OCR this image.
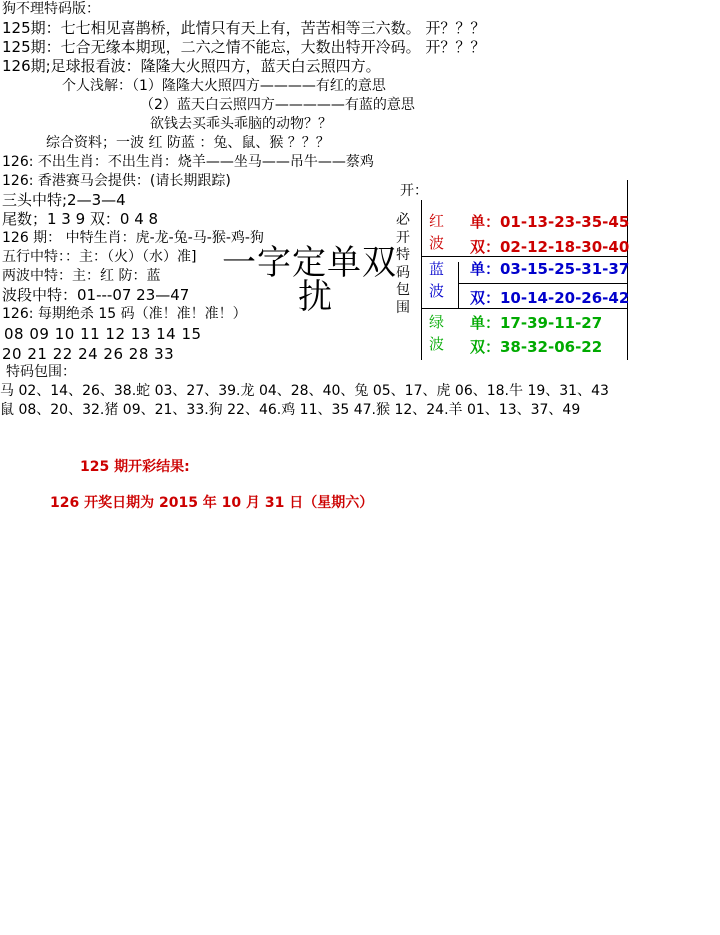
狗不理特码版：
125期：七七相见喜鹊桥，此情只有天上有，苦苦相等三六数。 开？？？
125期：七合无缘本期现，二六之情不能忘，大数出特开冷码。 开？？？
126期;足球报看波：隆隆大火照四方，蓝天白云照四方。
个人浅解：（1）隆隆大火照四方————有红的意思
（2）蓝天白云照四方—————有蓝的意思
欲钱去买乖头乖脑的动物？？
综合资料；一波 红 防蓝 ：兔、鼠、猴 ？？？
126: 不出生肖：不出生肖：烧羊——坐马——吊牛——蔡鸡
126: 香港赛马会提供：(请长期跟踪)
三头中特;2—3—4
尾数；1 3 9 双：0 4 8
126 期： 中特生肖：虎-龙-兔-马-猴-鸡-狗
五行中特：：主：（火）（水）准]
两波中特：主：红 防：蓝
波段中特：01---07 23—47
126: 每期绝杀 15 码（准！准！准！）
08 09 10 11 12 13 14 15
20 21 22 24 26 28 33
特码包围：
马 02、14、26、38.蛇 03、27、39.龙 04、28、40、兔 05、17、虎 06、18.牛 19、31、43
鼠 08、20、32.猪 09、21、33.狗 22、46.鸡 11、35 47.猴 12、24.羊 01、13、37、49
一字定单双
扰
开：
必开特码包围
红波
单：01-13-23-35-45
双：02-12-18-30-40
蓝波
单：03-15-25-31-37
双：10-14-20-26-42
绿波
单：17-39-11-27
双：38-32-06-22
125 期开彩结果:
126 开奖日期为 2015 年 10 月 31 日（星期六）
